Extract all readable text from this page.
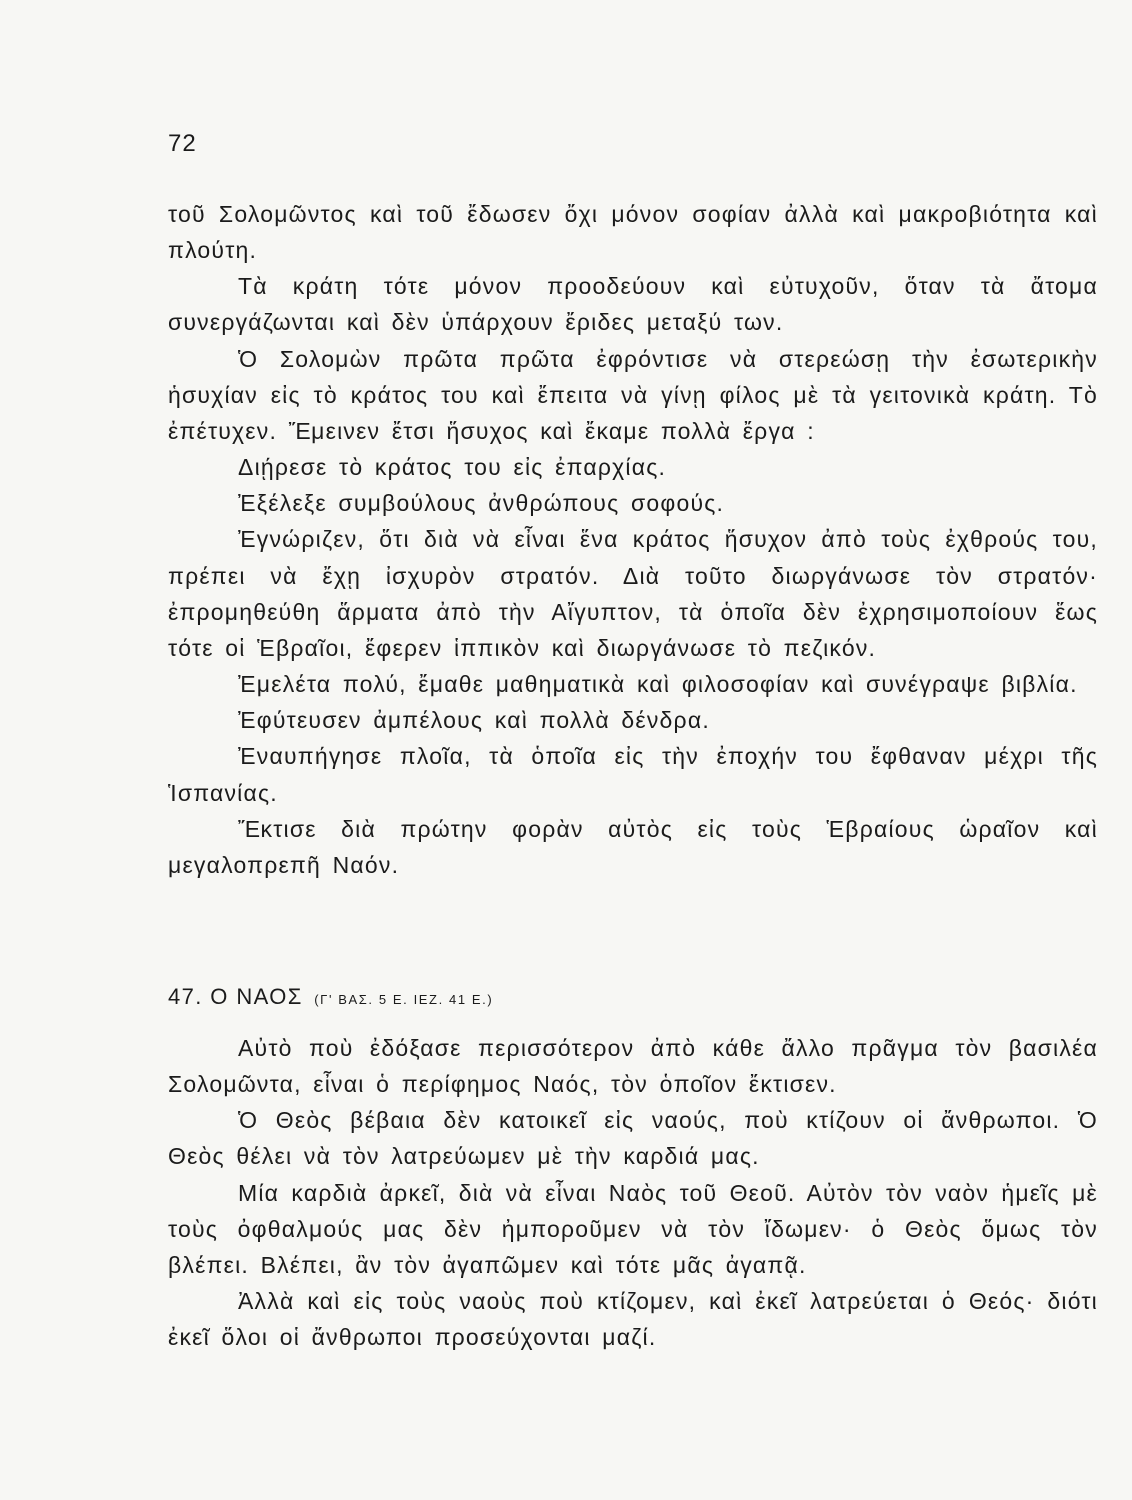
72

τοῦ Σολομῶντος καὶ τοῦ ἔδωσεν ὄχι μόνον σοφίαν ἀλλὰ καὶ μακροβιότητα καὶ πλούτη.

Τὰ κράτη τότε μόνον προοδεύουν καὶ εὐτυχοῦν, ὅταν τὰ ἄτομα συνεργάζωνται καὶ δὲν ὑπάρχουν ἔριδες μεταξύ των.

Ὁ Σολομὼν πρῶτα πρῶτα ἐφρόντισε νὰ στερεώσῃ τὴν ἐσωτερικὴν ἡσυχίαν εἰς τὸ κράτος του καὶ ἔπειτα νὰ γίνῃ φίλος μὲ τὰ γειτονικὰ κράτη. Τὸ ἐπέτυχεν. Ἔμεινεν ἔτσι ἥσυχος καὶ ἔκαμε πολλὰ ἔργα :

Διῄρεσε τὸ κράτος του εἰς ἐπαρχίας.

Ἐξέλεξε συμβούλους ἀνθρώπους σοφούς.

Ἐγνώριζεν, ὅτι διὰ νὰ εἶναι ἕνα κράτος ἥσυχον ἀπὸ τοὺς ἐχθρούς του, πρέπει νὰ ἔχῃ ἰσχυρὸν στρατόν. Διὰ τοῦτο διωργάνωσε τὸν στρατόν· ἐπρομηθεύθη ἅρματα ἀπὸ τὴν Αἴγυπτον, τὰ ὁποῖα δὲν ἐχρησιμοποίουν ἕως τότε οἱ Ἑβραῖοι, ἔφερεν ἱππικὸν καὶ διωργάνωσε τὸ πεζικόν.

Ἐμελέτα πολύ, ἔμαθε μαθηματικὰ καὶ φιλοσοφίαν καὶ συνέγραψε βιβλία.

Ἐφύτευσεν ἀμπέλους καὶ πολλὰ δένδρα.

Ἐναυπήγησε πλοῖα, τὰ ὁποῖα εἰς τὴν ἐποχήν του ἔφθαναν μέχρι τῆς Ἱσπανίας.

Ἔκτισε διὰ πρώτην φορὰν αὐτὸς εἰς τοὺς Ἑβραίους ὡραῖον καὶ μεγαλοπρεπῆ Ναόν.

47. Ο ΝΑΟΣ (Γ' ΒΑΣ. 5 Ε. ΙΕΖ. 41 Ε.)

Αὐτὸ ποὺ ἐδόξασε περισσότερον ἀπὸ κάθε ἄλλο πρᾶγμα τὸν βασιλέα Σολομῶντα, εἶναι ὁ περίφημος Ναός, τὸν ὁποῖον ἔκτισεν.

Ὁ Θεὸς βέβαια δὲν κατοικεῖ εἰς ναούς, ποὺ κτίζουν οἱ ἄνθρωποι. Ὁ Θεὸς θέλει νὰ τὸν λατρεύωμεν μὲ τὴν καρδιά μας.

Μία καρδιὰ ἀρκεῖ, διὰ νὰ εἶναι Ναὸς τοῦ Θεοῦ. Αὐτὸν τὸν ναὸν ἡμεῖς μὲ τοὺς ὀφθαλμούς μας δὲν ἠμποροῦμεν νὰ τὸν ἴδωμεν· ὁ Θεὸς ὅμως τὸν βλέπει. Βλέπει, ἂν τὸν ἀγαπῶμεν καὶ τότε μᾶς ἀγαπᾷ.

Ἀλλὰ καὶ εἰς τοὺς ναοὺς ποὺ κτίζομεν, καὶ ἐκεῖ λατρεύεται ὁ Θεός· διότι ἐκεῖ ὅλοι οἱ ἄνθρωποι προσεύχονται μαζί.
